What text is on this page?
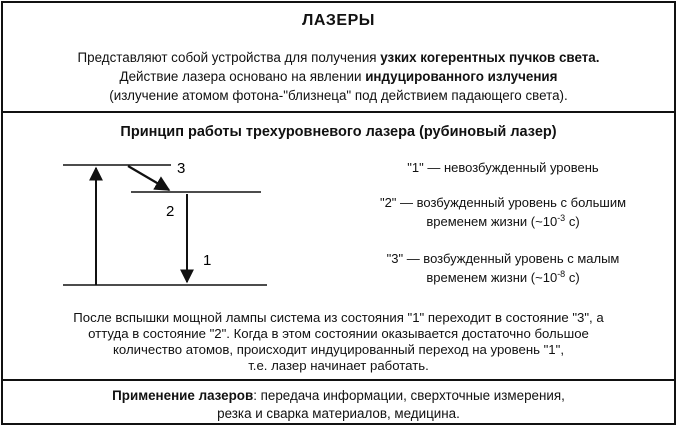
ЛАЗЕРЫ
Представляют собой устройства для получения узких когерентных пучков света.
Действие лазера основано на явлении индуцированного излучения
(излучение атомом фотона-"близнеца" под действием падающего света).
Принцип работы трехуровневого лазера (рубиновый лазер)
3
2
1
"1" — невозбужденный уровень
"2" — возбужденный уровень с большим
временем жизни ($\sim 10^{-3}$ с)
"3" — возбужденный уровень с малым
временем жизни ($\sim 10^{-8}$ с)
После вспышки мощной лампы система из состояния "1" переходит в состояние "3", а
оттуда в состояние "2". Когда в этом состоянии оказывается достаточно большое
количество атомов, происходит индуцированный переход на уровень "1",
т.е. лазер начинает работать.
Применение лазеров: передача информации, сверхточные измерения,
резка и сварка материалов, медицина.
